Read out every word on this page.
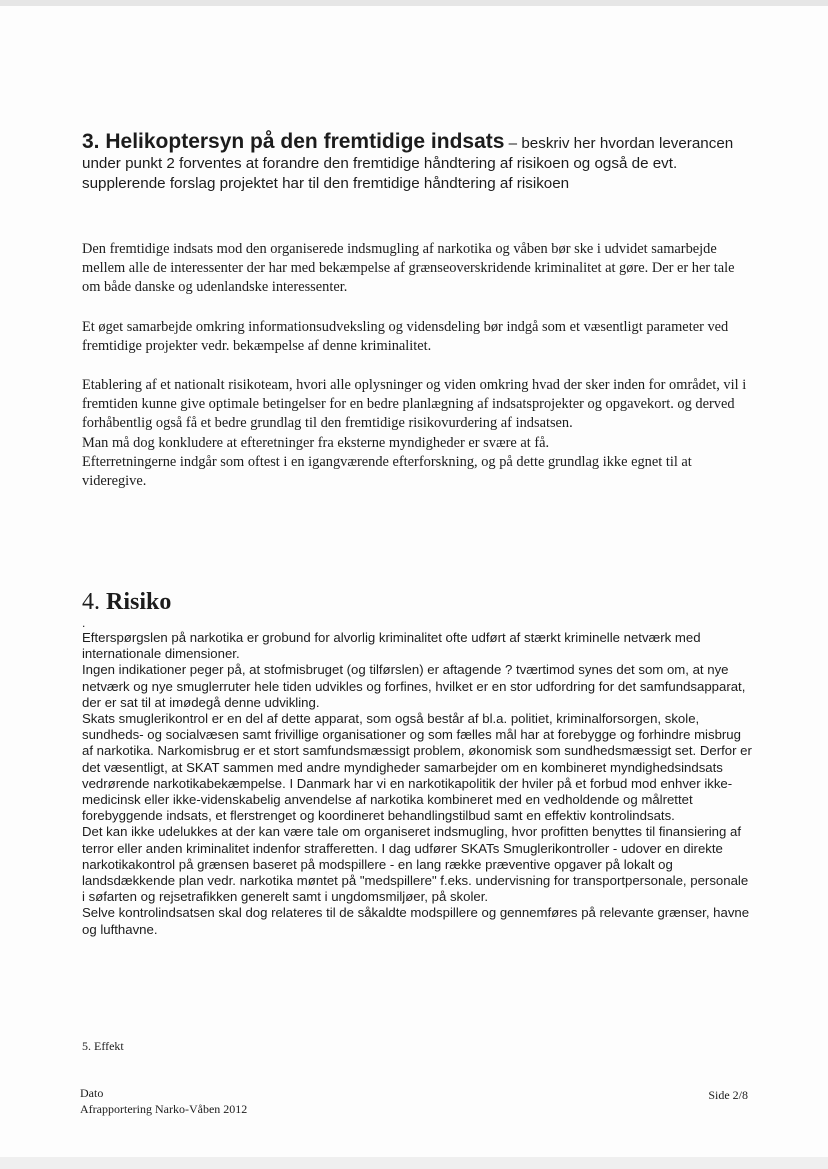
3. Helikoptersyn på den fremtidige indsats – beskriv her hvordan leverancen under punkt 2 forventes at forandre den fremtidige håndtering af risikoen og også de evt. supplerende forslag projektet har til den fremtidige håndtering af risikoen

Den fremtidige indsats mod den organiserede indsmugling af narkotika og våben bør ske i udvidet samarbejde mellem alle de interessenter der har med bekæmpelse af grænseoverskridende kriminalitet at gøre. Der er her tale om både danske og udenlandske interessenter.

Et øget samarbejde omkring informationsudveksling og vidensdeling bør indgå som et væsentligt parameter ved fremtidige projekter vedr. bekæmpelse af denne kriminalitet.

Etablering af et nationalt risikoteam, hvori alle oplysninger og viden omkring hvad der sker inden for området, vil i fremtiden kunne give optimale betingelser for en bedre planlægning af indsatsprojekter og opgavekort. og derved forhåbentlig også få et bedre grundlag til den fremtidige risikovurdering af indsatsen.
Man må dog konkludere at efteretninger fra eksterne myndigheder er svære at få.
Efterretningerne indgår som oftest i en igangværende efterforskning, og på dette grundlag ikke egnet til at videregive.

4. Risiko
.

Efterspørgslen på narkotika er grobund for alvorlig kriminalitet ofte udført af stærkt kriminelle netværk med internationale dimensioner.
Ingen indikationer peger på, at stofmisbruget (og tilførslen) er aftagende ? tværtimod synes det som om, at nye netværk og nye smuglerruter hele tiden udvikles og forfines, hvilket er en stor udfordring for det samfundsapparat, der er sat til at imødegå denne udvikling.
Skats smuglerikontrol er en del af dette apparat, som også består af bl.a. politiet, kriminalforsorgen, skole, sundheds- og socialvæsen samt frivillige organisationer og som fælles mål har at forebygge og forhindre misbrug af narkotika. Narkomisbrug er et stort samfundsmæssigt problem, økonomisk som sundhedsmæssigt set. Derfor er det væsentligt, at SKAT sammen med andre myndigheder samarbejder om en kombineret myndighedsindsats vedrørende narkotikabekæmpelse. I Danmark har vi en narkotikapolitik der hviler på et forbud mod enhver ikke-medicinsk eller ikke-videnskabelig anvendelse af narkotika kombineret med en vedholdende og målrettet forebyggende indsats, et flerstrenget og koordineret behandlingstilbud samt en effektiv kontrolindsats.
Det kan ikke udelukkes at der kan være tale om organiseret indsmugling, hvor profitten benyttes til finansiering af terror eller anden kriminalitet indenfor strafferetten. I dag udfører SKATs Smuglerikontroller - udover en direkte narkotikakontrol på grænsen baseret på modspillere - en lang række præventive opgaver på lokalt og landsdækkende plan vedr. narkotika møntet på "medspillere" f.eks. undervisning for transportpersonale, personale i søfarten og rejsetrafikken generelt samt i ungdomsmiljøer, på skoler.
Selve kontrolindsatsen skal dog relateres til de såkaldte modspillere og gennemføres på relevante grænser, havne og lufthavne.

5. Effekt
Dato
Afrapportering Narko-Våben 2012
Side 2/8
